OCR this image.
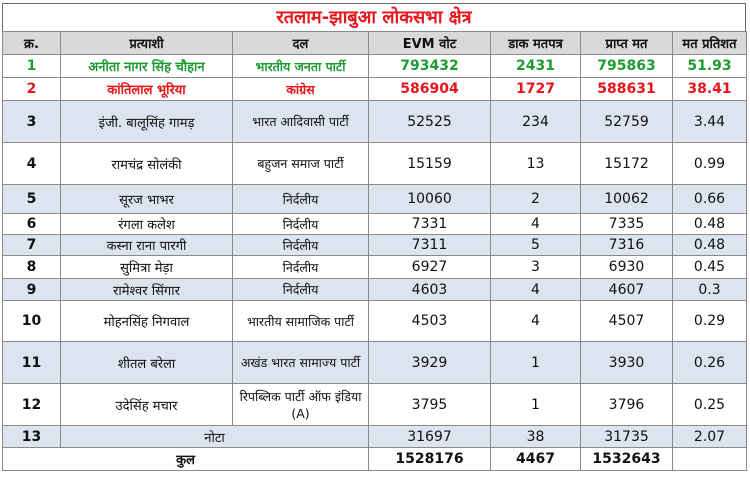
रतलाम-झाबुआ लोकसभा क्षेत्र
क्र.	प्रत्याशी	दल	EVM वोट	डाक मतपत्र	प्राप्त मत	मत प्रतिशत
1	अनीता नागर सिंह चौहान	भारतीय जनता पार्टी	793432	2431	795863	51.93
2	कांतिलाल भूरिया	कांग्रेस	586904	1727	588631	38.41
3	इंजी. बालूसिंह गामड़	भारत आदिवासी पार्टी	52525	234	52759	3.44
4	रामचंद्र सोलंकी	बहुजन समाज पार्टी	15159	13	15172	0.99
5	सूरज भाभर	निर्दलीय	10060	2	10062	0.66
6	रंगला कलेश	निर्दलीय	7331	4	7335	0.48
7	कस्ना राना पारगी	निर्दलीय	7311	5	7316	0.48
8	सुमित्रा मेड़ा	निर्दलीय	6927	3	6930	0.45
9	रामेश्वर सिंगार	निर्दलीय	4603	4	4607	0.3
10	मोहनसिंह निगवाल	भारतीय सामाजिक पार्टी	4503	4	4507	0.29
11	शीतल बरेला	अखंड भारत सामाज्य पार्टी	3929	1	3930	0.26
12	उदेसिंह मचार	रिपब्लिक पार्टी ऑफ इंडिया (A)	3795	1	3796	0.25
13	नोटा		31697	38	31735	2.07
कुल			1528176	4467	1532643	
